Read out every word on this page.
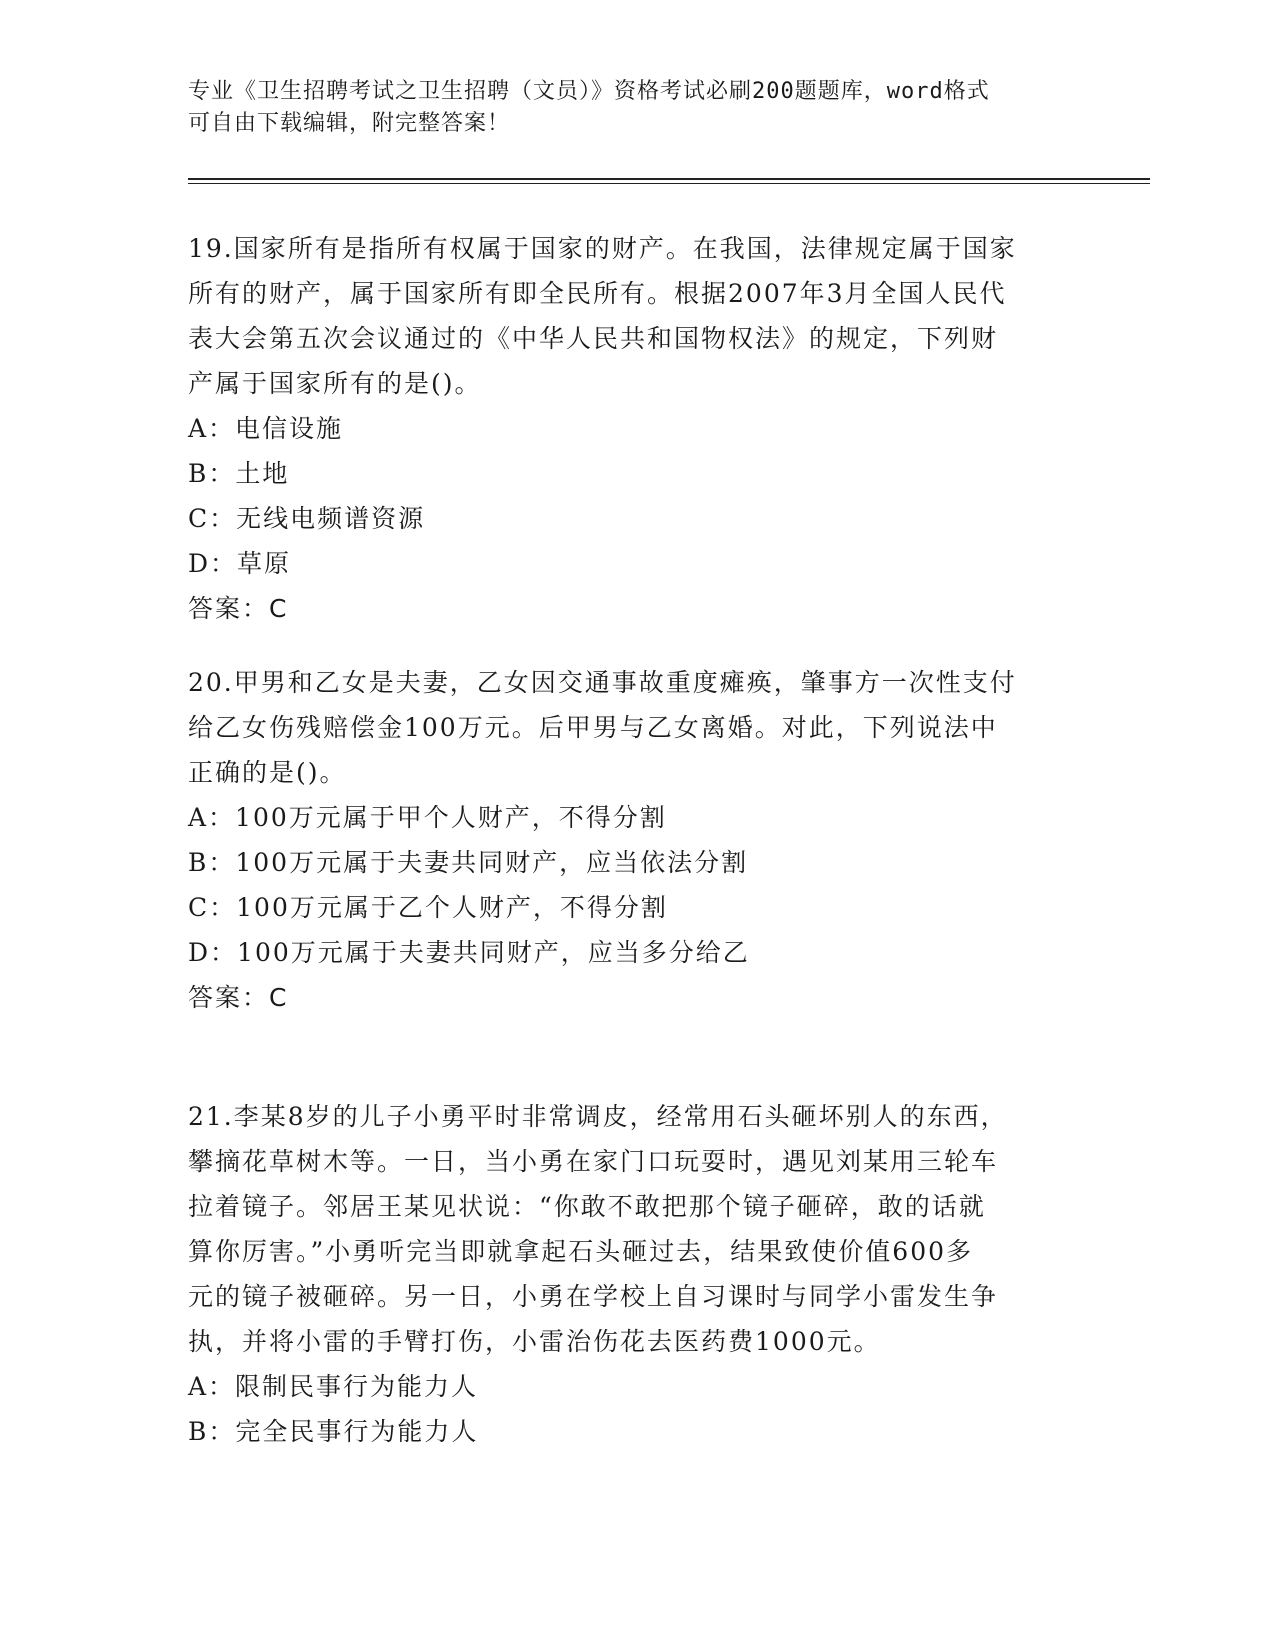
专业《卫生招聘考试之卫生招聘（文员）》资格考试必刷200题题库，word格式
可自由下载编辑，附完整答案！

19.国家所有是指所有权属于国家的财产。在我国，法律规定属于国家

所有的财产，属于国家所有即全民所有。根据2007年3月全国人民代

表大会第五次会议通过的《中华人民共和国物权法》的规定，下列财

产属于国家所有的是()。

A：电信设施

B：土地

C：无线电频谱资源

D：草原

答案：C

20.甲男和乙女是夫妻，乙女因交通事故重度瘫痪，肇事方一次性支付

给乙女伤残赔偿金100万元。后甲男与乙女离婚。对此，下列说法中

正确的是()。

A：100万元属于甲个人财产，不得分割

B：100万元属于夫妻共同财产，应当依法分割

C：100万元属于乙个人财产，不得分割

D：100万元属于夫妻共同财产，应当多分给乙

答案：C

21.李某8岁的儿子小勇平时非常调皮，经常用石头砸坏别人的东西，

攀摘花草树木等。一日，当小勇在家门口玩耍时，遇见刘某用三轮车

拉着镜子。邻居王某见状说：“你敢不敢把那个镜子砸碎，敢的话就

算你厉害。”小勇听完当即就拿起石头砸过去，结果致使价值600多

元的镜子被砸碎。另一日，小勇在学校上自习课时与同学小雷发生争

执，并将小雷的手臂打伤，小雷治伤花去医药费1000元。

A：限制民事行为能力人

B：完全民事行为能力人
